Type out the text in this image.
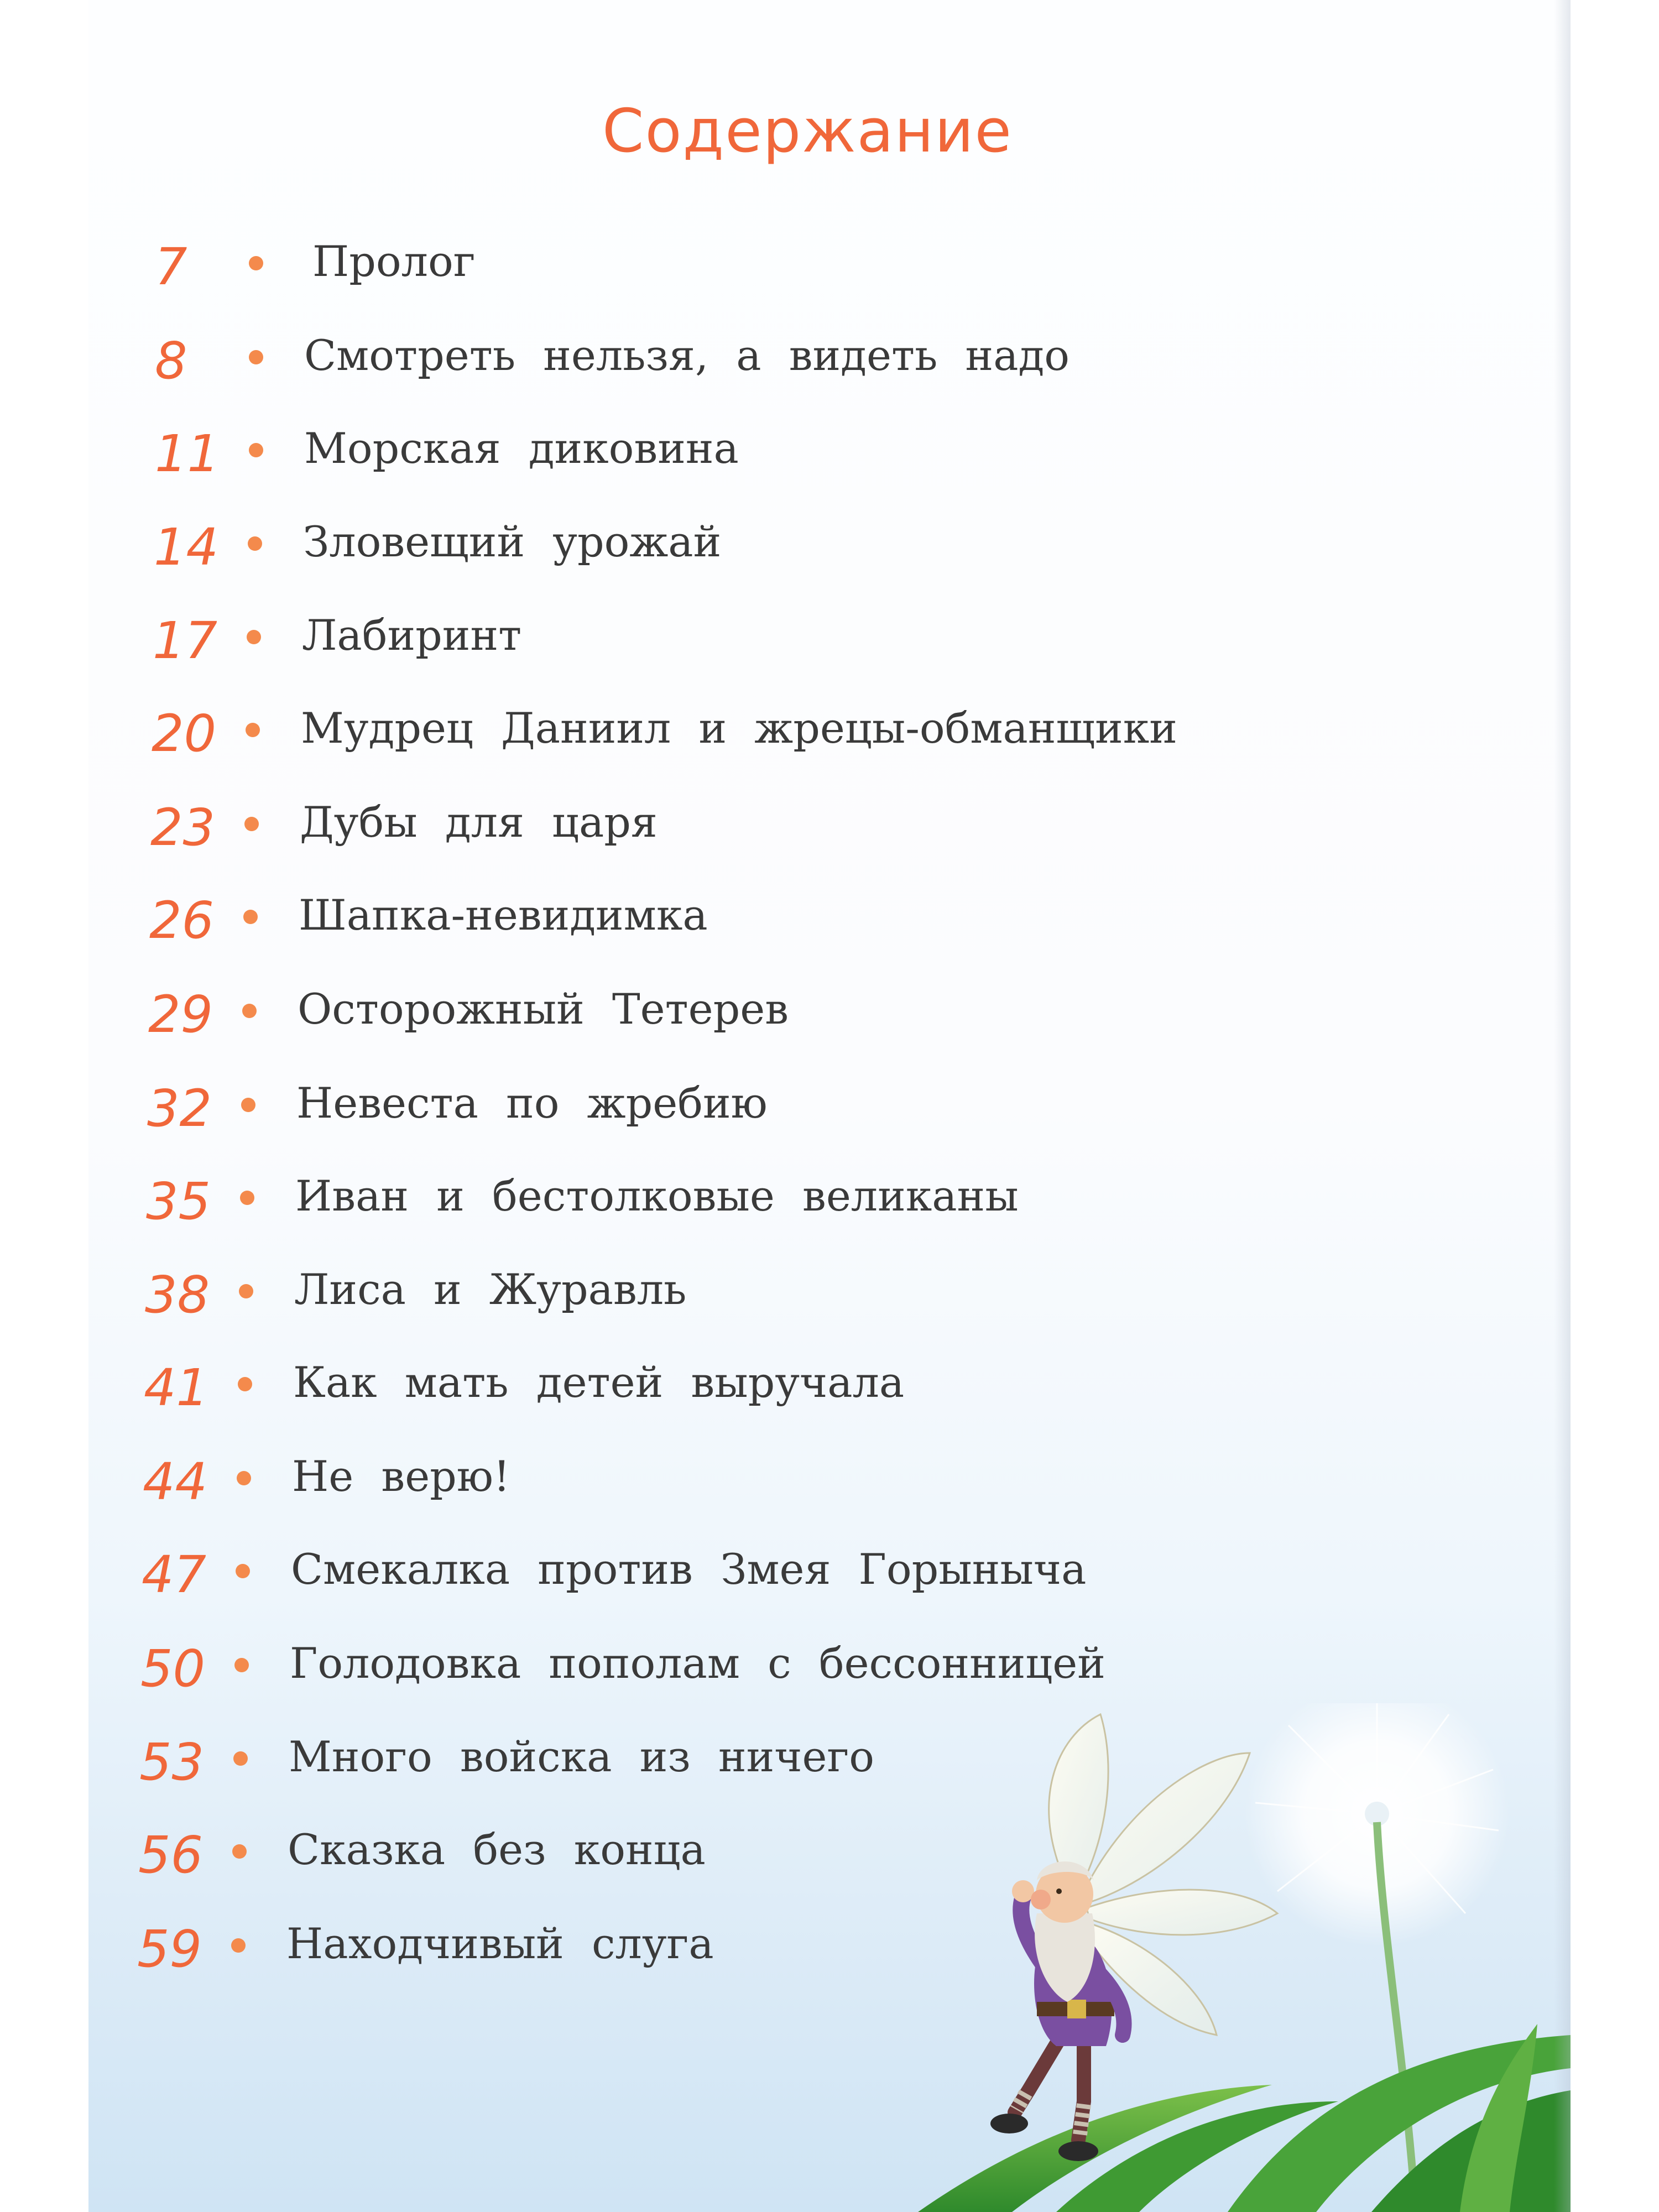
Содержание
7	Пролог
8	Смотреть нельзя, а видеть надо
11	Морская диковина
14	Зловещий урожай
17	Лабиринт
20	Мудрец Даниил и жрецы-обманщики
23	Дубы для царя
26	Шапка-невидимка
29	Осторожный Тетерев
32	Невеста по жребию
35	Иван и бестолковые великаны
38	Лиса и Журавль
41	Как мать детей выручала
44	Не верю!
47	Смекалка против Змея Горыныча
50	Голодовка пополам с бессонницей
53	Много войска из ничего
56	Сказка без конца
59	Находчивый слуга
